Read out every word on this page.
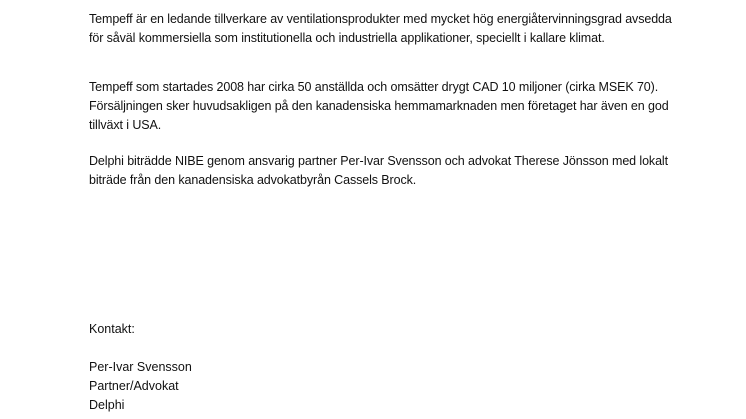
Tempeff är en ledande tillverkare av ventilationsprodukter med mycket hög energiåtervinningsgrad avsedda för såväl kommersiella som institutionella och industriella applikationer, speciellt i kallare klimat.

Tempeff som startades 2008 har cirka 50 anställda och omsätter drygt CAD 10 miljoner (cirka MSEK 70). Försäljningen sker huvudsakligen på den kanadensiska hemmamarknaden men företaget har även en god tillväxt i USA.

Delphi biträdde NIBE genom ansvarig partner Per-Ivar Svensson och advokat Therese Jönsson med lokalt biträde från den kanadensiska advokatbyrån Cassels Brock.

Kontakt:

Per-Ivar Svensson
Partner/Advokat
Delphi
